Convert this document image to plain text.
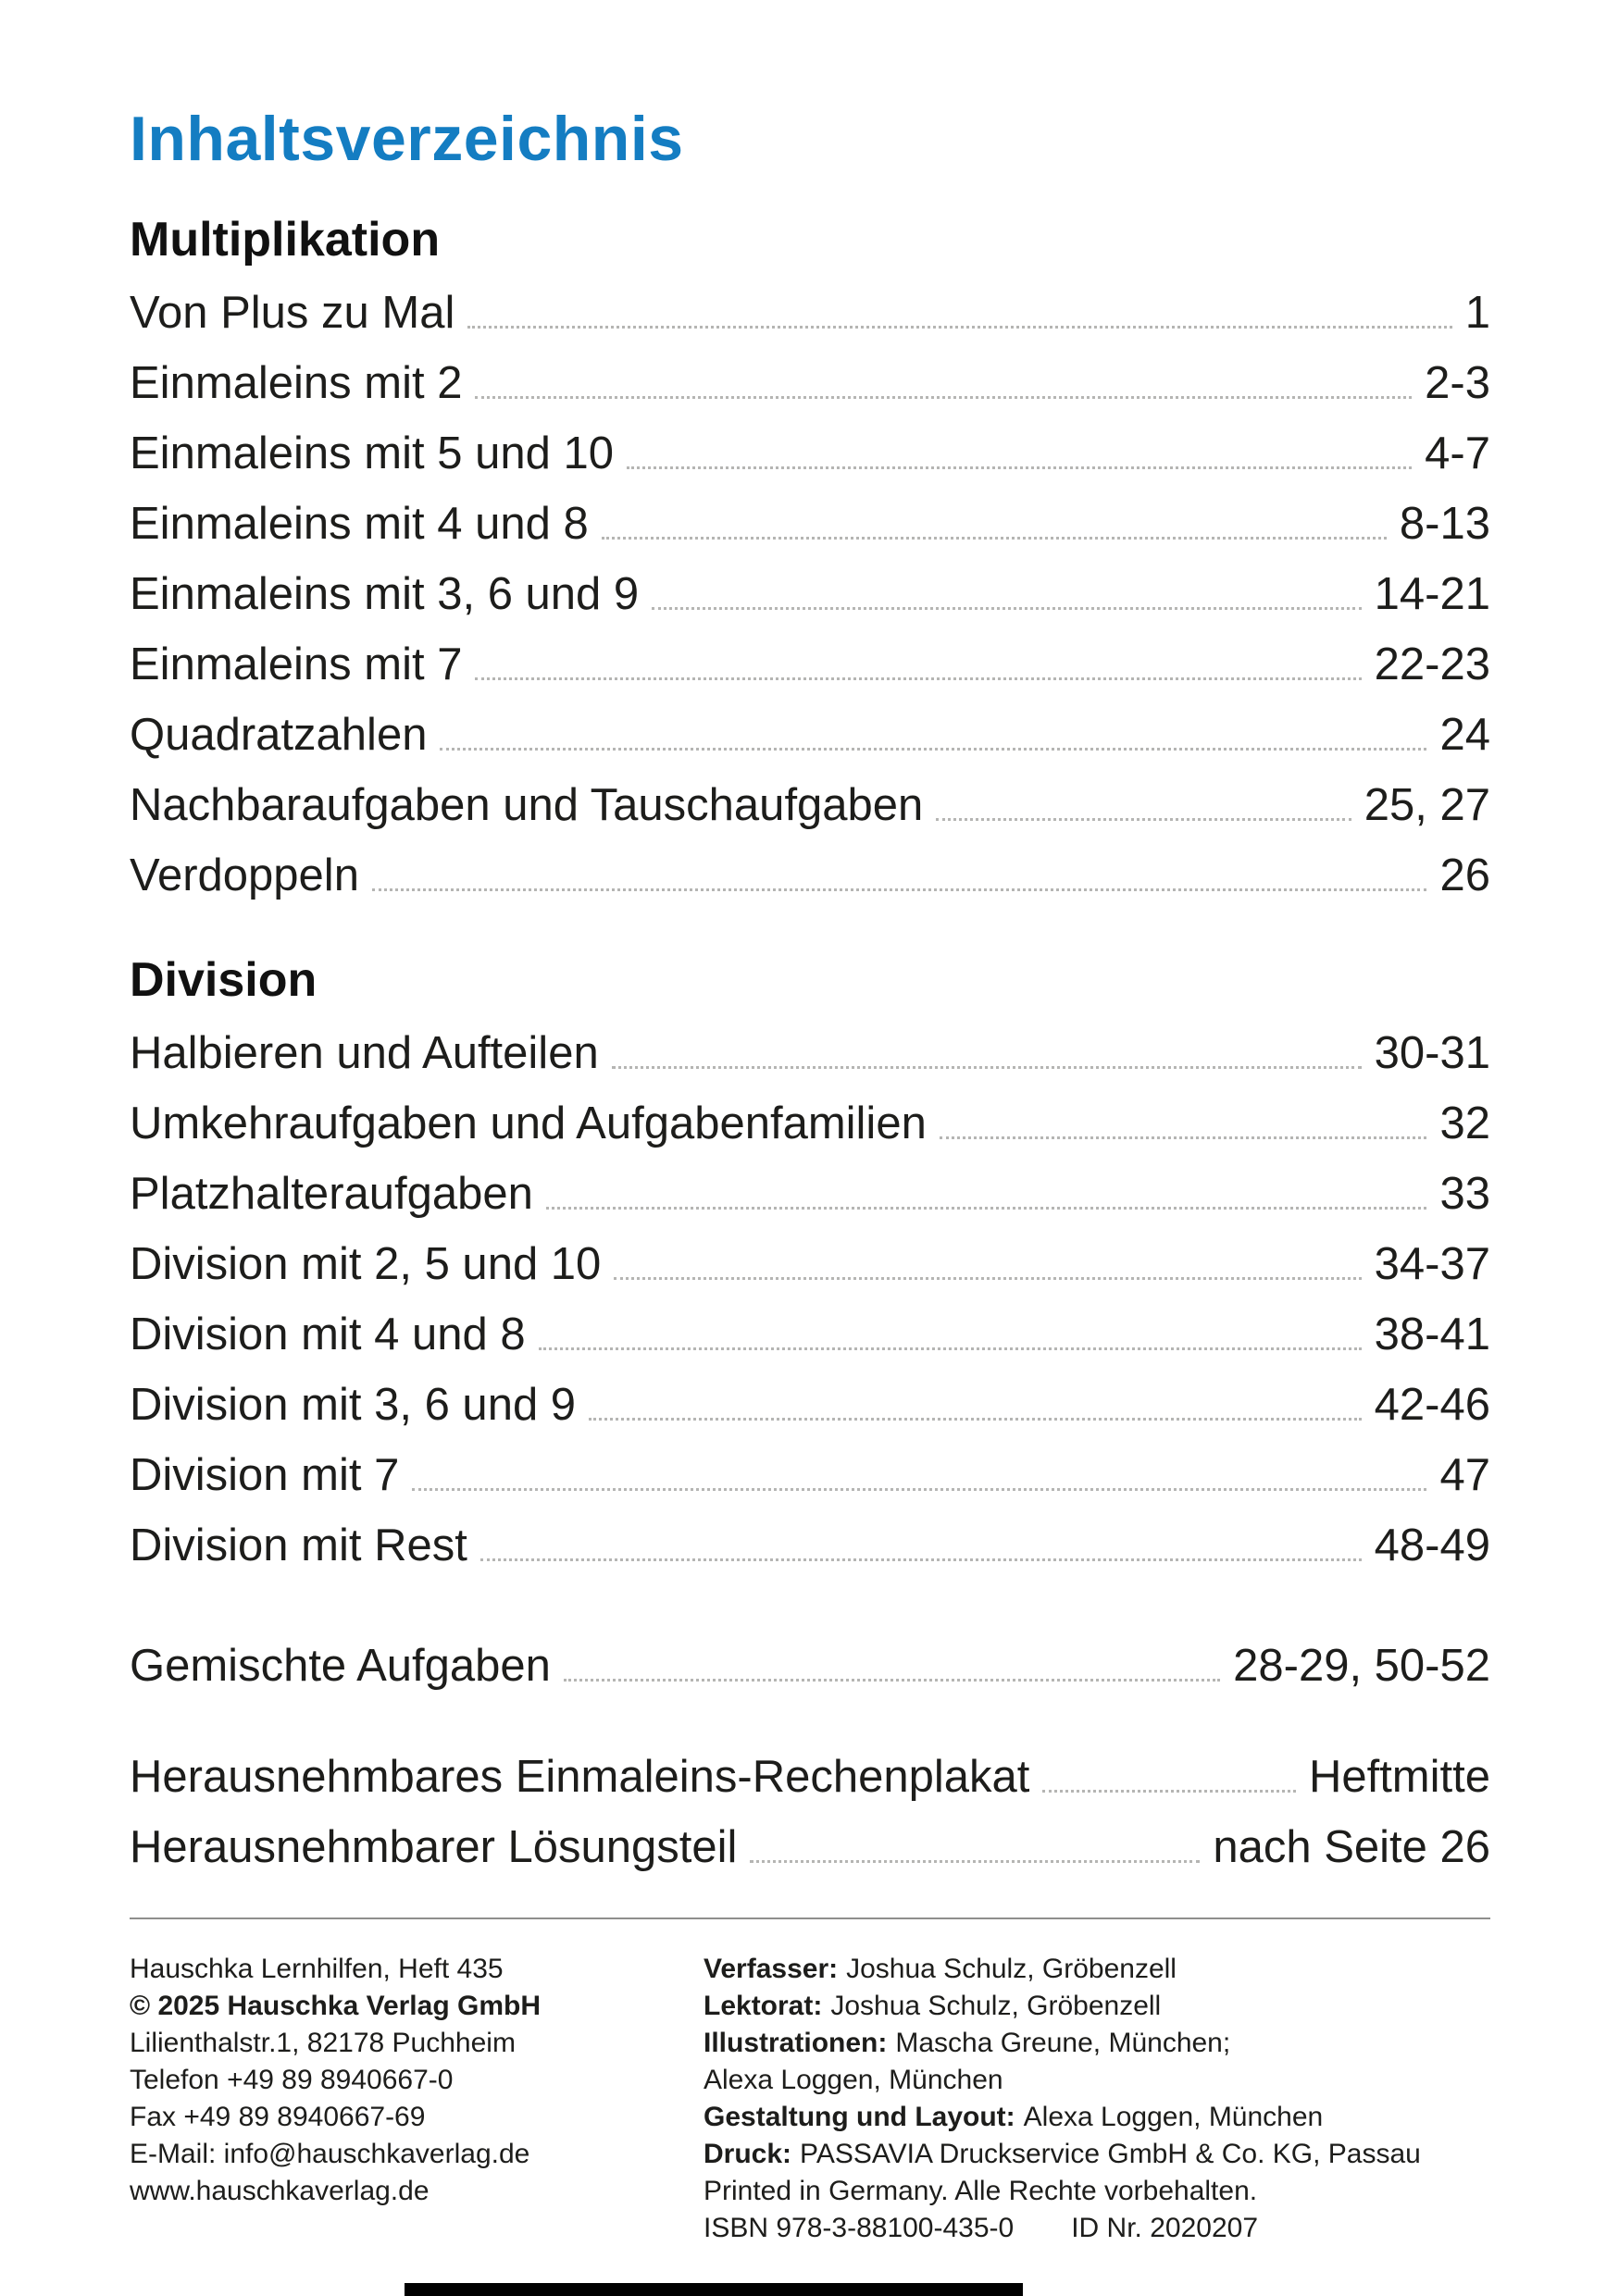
Inhaltsverzeichnis
Multiplikation
Von Plus zu Mal	1
Einmaleins mit 2	2-3
Einmaleins mit 5 und 10	4-7
Einmaleins mit 4 und 8	8-13
Einmaleins mit 3, 6 und 9	14-21
Einmaleins mit 7	22-23
Quadratzahlen	24
Nachbaraufgaben und Tauschaufgaben	25, 27
Verdoppeln	26
Division
Halbieren und Aufteilen	30-31
Umkehraufgaben und Aufgabenfamilien	32
Platzhalteraufgaben	33
Division mit 2, 5 und 10	34-37
Division mit 4 und 8	38-41
Division mit 3, 6 und 9	42-46
Division mit 7	47
Division mit Rest	48-49
Gemischte Aufgaben	28-29, 50-52
Herausnehmbares Einmaleins-Rechenplakat	Heftmitte
Herausnehmbarer Lösungsteil	nach Seite 26
Hauschka Lernhilfen, Heft 435
© 2025 Hauschka Verlag GmbH
Lilienthalstr.1, 82178 Puchheim
Telefon +49 89 8940667-0
Fax +49 89 8940667-69
E-Mail: info@hauschkaverlag.de
www.hauschkaverlag.de
Verfasser: Joshua Schulz, Gröbenzell
Lektorat: Joshua Schulz, Gröbenzell
Illustrationen: Mascha Greune, München;
Alexa Loggen, München
Gestaltung und Layout: Alexa Loggen, München
Druck: PASSAVIA Druckservice GmbH & Co. KG, Passau
Printed in Germany. Alle Rechte vorbehalten.
ISBN 978-3-88100-435-0 ID Nr. 2020207
